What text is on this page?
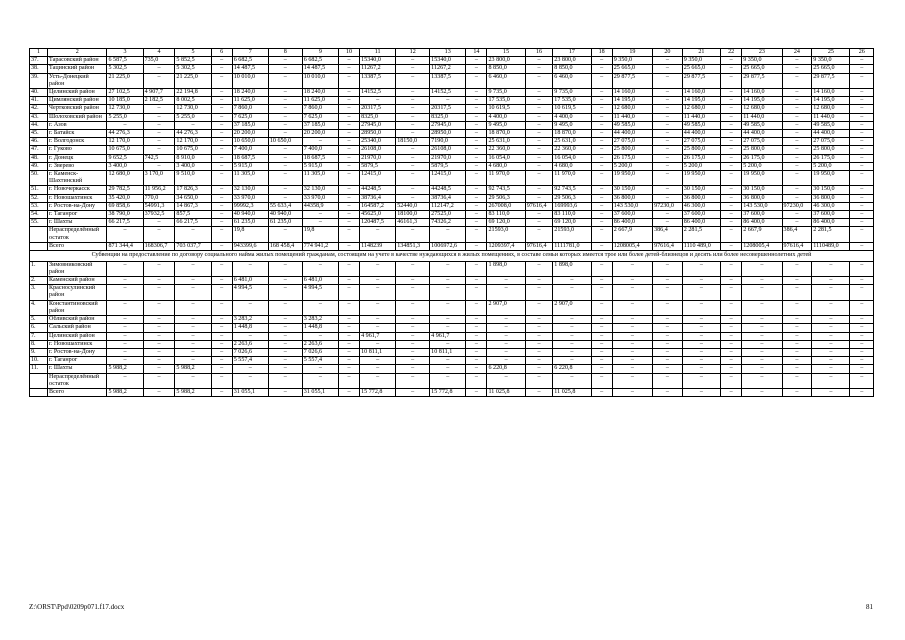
1	2	3	4	5	6	7	8	9	10	11	12	13	14	15	16	17	18	19	20	21	22	23	24	25	26
37.	Тарасовский район	6 587,5	735,0	5 852,5	–	6 682,5	–	6 682,5	–	15340,0	–	15340,0	–	23 800,0	–	23 800,0	–	9 350,0	–	9 350,0	–	9 350,0	–	9 350,0	–
38.	Тацинский район	5 302,5	–	5 302,5	–	14 487,5	–	14 487,5	–	11267,2	–	11267,2	–	8 850,0	–	8 850,0	–	25 665,0	–	25 665,0	–	25 665,0	–	25 665,0	–
39.	Усть-Донецкий район	21 225,0	–	21 225,0	–	10 010,0	–	10 010,0	–	13387,5	–	13387,5	–	6 460,0	–	6 460,0	–	29 877,5	–	29 877,5	–	29 877,5	–	29 877,5	–
40.	Целинский район	27 102,5	4 907,7	22 194,8	–	18 240,0	–	18 240,0	–	14152,5	–	14152,5	–	9 735,0	–	9 735,0	–	14 160,0	–	14 160,0	–	14 160,0	–	14 160,0	–
41.	Цимлянский район	10 185,0	2 182,5	8 002,5	–	11 625,0	–	11 625,0	–	–	–	–	–	17 535,0	–	17 535,0	–	14 195,0	–	14 195,0	–	14 195,0	–	14 195,0	–
42.	Чертковский район	12 730,0	–	12 730,0	–	7 860,0	–	7 860,0	–	20317,5	–	20317,5	–	10 619,5	–	10 619,5	–	12 680,0	–	12 680,0	–	12 680,0	–	12 680,0	–
43.	Шолоховский район	5 255,0	–	5 255,0	–	7 625,0	–	7 625,0	–	8325,0	–	8325,0	–	4 400,0	–	4 400,0	–	11 440,0	–	11 440,0	–	11 440,0	–	11 440,0	–
44.	г. Азов	–	–	–	–	37 185,0	–	37 185,0	–	27945,0	–	27945,0	–	9 495,0	–	9 495,0	–	49 585,0	–	49 585,0	–	49 585,0	–	49 585,0	–
45.	г. Батайск	44 276,3	–	44 276,3	–	20 200,0	–	20 200,0	–	28950,0	–	28950,0	–	18 870,0	–	18 870,0	–	44 400,0	–	44 400,0	–	44 400,0	–	44 400,0	–
46.	г. Волгодонск	12 170,0	–	12 170,0	–	10 650,0	10 650,0	–	–	25340,0	18150,0	7190,0	–	25 631,0	–	25 631,0	–	27 075,0	–	27 075,0	–	27 075,0	–	27 075,0	–
47.	г. Гуково	10 675,0	–	10 675,0	–	7 400,0	–	7 400,0	–	26108,0	–	26108,0	–	22 360,0	–	22 360,0	–	25 800,0	–	25 800,0	–	25 800,0	–	25 800,0	–
48.	г. Донецк	9 652,5	742,5	8 910,0	–	18 687,5	–	18 687,5	–	21970,0	–	21970,0	–	16 054,0	–	16 054,0	–	26 175,0	–	26 175,0	–	26 175,0	–	26 175,0	–
49.	г. Зверево	3 400,0	–	3 400,0	–	5 915,0	–	5 915,0	–	5879,5	–	5879,5	–	4 680,0	–	4 680,0	–	5 200,0	–	5 200,0	–	5 200,0	–	5 200,0	–
50.	г. Каменск-Шахтинский	12 680,0	3 170,0	9 510,0	–	11 305,0	–	11 305,0	–	12415,0	–	12415,0	–	11 970,0	–	11 970,0	–	19 950,0	–	19 950,0	–	19 950,0	–	19 950,0	–
51.	г. Новочеркасск	29 782,5	11 956,2	17 826,3	–	32 130,0	–	32 130,0	–	44248,5	–	44248,5	–	92 743,5	–	92 743,5	–	30 150,0	–	30 150,0	–	30 150,0	–	30 150,0	–
52.	г. Новошахтинск	35 420,0	770,0	34 650,0	–	33 970,0	–	33 970,0	–	38736,4	–	38736,4	–	29 506,3	–	29 506,3	–	36 800,0	–	36 800,0	–	36 800,0	–	36 800,0	–
53.	г. Ростов-на-Дону	69 858,6	54991,3	14 867,3	–	99992,3	55 633,4	44358,9	–	164587,2	52440,0	112147,2	–	267008,0	97616,4	169993,6	–	143 530,0	97230,0	46 300,0	–	143 530,0	97230,0	46 300,0	–
54.	г. Таганрог	38 790,0	37932,5	857,5	–	40 940,0	40 940,0	–	–	45625,0	18100,0	27525,0	–	83 110,0	–	83 110,0	–	37 600,0	–	37 600,0	–	37 600,0	–	37 600,0	–
55.	г. Шахты	66 217,5	–	66 217,5	–	61 235,0	61 235,0	–	–	120487,5	46161,3	74326,2	–	69 120,0	–	69 120,0	–	86 400,0	–	86 400,0	–	86 400,0	–	86 400,0	–
	Нераспределённый остаток	–	–	–	–	19,8	–	19,8	–	–	–	–	–	21593,0	–	21593,0	–	2 667,9	386,4	2 281,5	–	2 667,9	386,4	2 281,5	–
	Всего	871 344,4	168306,7	703 037,7	–	943399,6	168 458,4	774 941,2	–	1148239	134851,3	1006972,6	–	1209397,4	97616,4	1111781,0	–	1208005,4	97616,4	1110 489,0	–	1208005,4	97616,4	1110489,0	–
Субвенции на предоставление по договору социального найма жилых помещений гражданам, состоящим на учете в качестве нуждающихся в жилых помещениях, в составе семьи которых имеется трое или более детей-близнецов и десять или более несовершеннолетних детей																									
1.	Зимовниковский район	–	–	–	–	–	–	–	–	–	–	–	–	1 898,0	–	1 898,0	–	–	–	–	–	–	–	–	–
2.	Каменский район	–	–	–	–	6 481,0	–	6 481,0	–	–	–	–	–	–	–	–	–	–	–	–	–	–	–	–	–
3.	Красносулинский район	–	–	–	–	4 994,5	–	4 994,5	–	–	–	–	–	–	–	–	–	–	–	–	–	–	–	–	–
4.	Константиновский район	–	–	–	–	–	–	–	–	–	–	–	–	2 907,0	–	2 907,0	–	–	–	–	–	–	–	–	–
5.	Обливский район	–	–	–	–	3 283,2	–	3 283,2	–	–	–	–	–	–	–	–	–	–	–	–	–	–	–	–	–
6.	Сальский район	–	–	–	–	1 448,8	–	1 448,8	–	–	–	–	–	–	–	–	–	–	–	–	–	–	–	–	–
7.	Целинский район	–	–	–	–	–	–	–	–	4 961,7	–	4 961,7	–	–	–	–	–	–	–	–	–	–	–	–	–
8.	г. Новошахтинск	–	–	–	–	2 263,6	–	2 263,6	–	–	–	–	–	–	–	–	–	–	–	–	–	–	–	–	–
9.	г. Ростов-на-Дону	–	–	–	–	7 026,6	–	7 026,6	–	10 811,1	–	10 811,1	–	–	–	–	–	–	–	–	–	–	–	–	–
10.	г. Таганрог	–	–	–	–	5 557,4	–	5 557,4	–	–	–	–	–	–	–	–	–	–	–	–	–	–	–	–	–
11.	г. Шахты	5 988,2	–	5 988,2	–	–	–	–	–	–	–	–	–	6 220,8	–	6 220,8	–	–	–	–	–	–	–	–	–
	Нераспределённый остаток	–	–	–	–	–	–	–	–	–	–	–	–	–	–	–	–	–	–	–	–	–	–	–	–
	Всего	5 988,2	–	5 988,2	–	31 055,1	–	31 055,1	–	15 772,8	–	15 772,8	–	11 025,8	–	11 025,8	–	–	–	–	–	–	–	–	–
Z:\ORST\Ppd\0209p071.f17.docx	81
